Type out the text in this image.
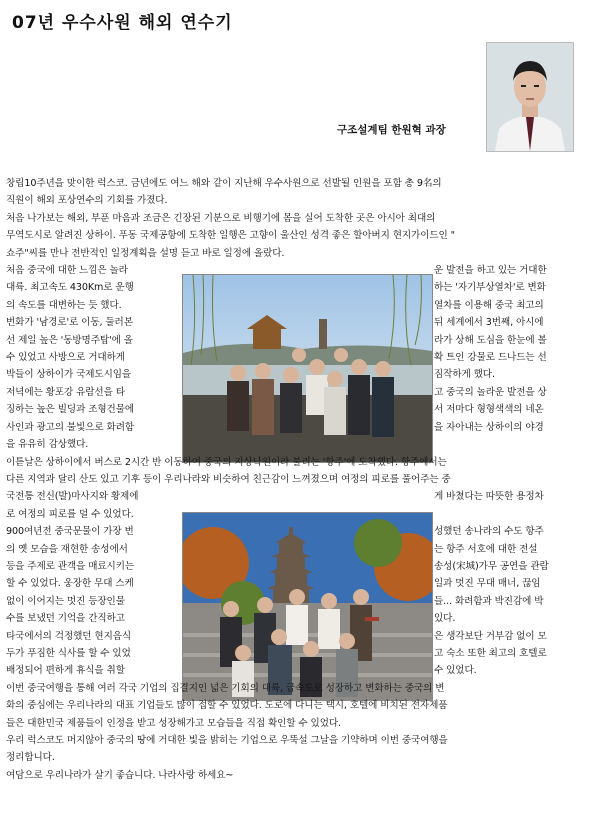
07년 우수사원 해외 연수기
구조설계팀 한원혁 과장

창립10주년을 맞이한 럭스코. 금년에도 여느 해와 같이 지난해 우수사원으로 선발될 인원을 포함 총 9名의

직원이 해외 포상연수의 기회를 가졌다.

처음 나가보는 해외, 부푼 마음과 조금은 긴장된 기분으로 비행기에 몸을 실어 도착한 곳은 아시아 최대의

무역도시로 알려진 상하이. 푸동 국제공항에 도착한 일행은 고향이 울산인 성격 좋은 할아버지 현지가이드인 "

쇼주"씨를 만나 전반적인 일정계획을 설명 듣고 바로 일정에 올랐다.

처음 중국에 대한 느낌은 놀라	운 발전을 하고 있는 거대한
대륙. 최고속도 430Km로 운행	하는 '자기부상열차'로 변화
의 속도를 대변하는 듯 했다.	열차를 이용해 중국 최고의
번화가 '남경로'로 이동, 둘러본	뒤 세계에서 3번째, 아시에
선 제일 높은 '동방명주탑'에 올	라가 상해 도심을 한눈에 볼
수 있었고 사방으로 거대하게	확 트인 강물로 드나드는 선
박들이 상하이가 국제도시임을	짐작하게 했다.
저녁에는 황포강 유람선을 타	고 중국의 놀라운 발전을 상
징하는 높은 빌딩과 조형건물에	서 저마다 형형색색의 네온
사인과 광고의 불빛으로 화려함	을 자아내는 상하이의 야경
을 유유히 감상했다.

이튿날은 상하이에서 버스로 2시간 반 이동하여 중국의 지상낙원이라 불리는 '항주'에 도착했다. 항주에서는

다른 지역과 달리 산도 있고 기후 등이 우리나라와 비슷하여 친근감이 느껴졌으며 여정의 피로를 풀어주는 중

국전통 전신(발)마사지와 황제에	게 바쳤다는 따뜻한 용정차
로 여정의 피로를 덜 수 있었다.
900여년전 중국문물이 가장 번	성했던 송나라의 수도 항주
의 옛 모습을 재현한 송성에서	는 항주 서호에 대한 전설
등을 주제로 관객을 매료시키는	송성(宋城)가무 공연을 관람
할 수 있었다. 웅장한 무대 스케	일과 멋진 무대 매너, 끊임
없이 이어지는 멋진 등장인물	들... 화려함과 박진감에 박
수를 보냈던 기억을 간직하고	있다.
타국에서의 걱정했던 현지음식	은 생각보단 거부감 없이 모
두가 푸짐한 식사를 할 수 있었	고 숙소 또한 최고의 호텔로
배정되어 편하게 휴식을 취할	수 있었다.

이번 중국여행을 통해 여러 각국 기업의 집결지인 넓은 기회의 대륙, 급속도로 성장하고 변화하는 중국의 변

화의 중심에는 우리나라의 대표 기업들도 많이 접할 수 있었다. 도로에 다니는 택시, 호텔에 비치된 전자제품

들은 대한민국 제품들이 인정을 받고 성장해가고 모습들을 직접 확인할 수 있었다.

우리 럭스코도 머지않아 중국의 땅에 거대한 빛을 밝히는 기업으로 우뚝설 그날을 기약하며 이번 중국여행을

정리합니다.

여담으로 우리나라가 살기 좋습니다. 나라사랑 하세요~
